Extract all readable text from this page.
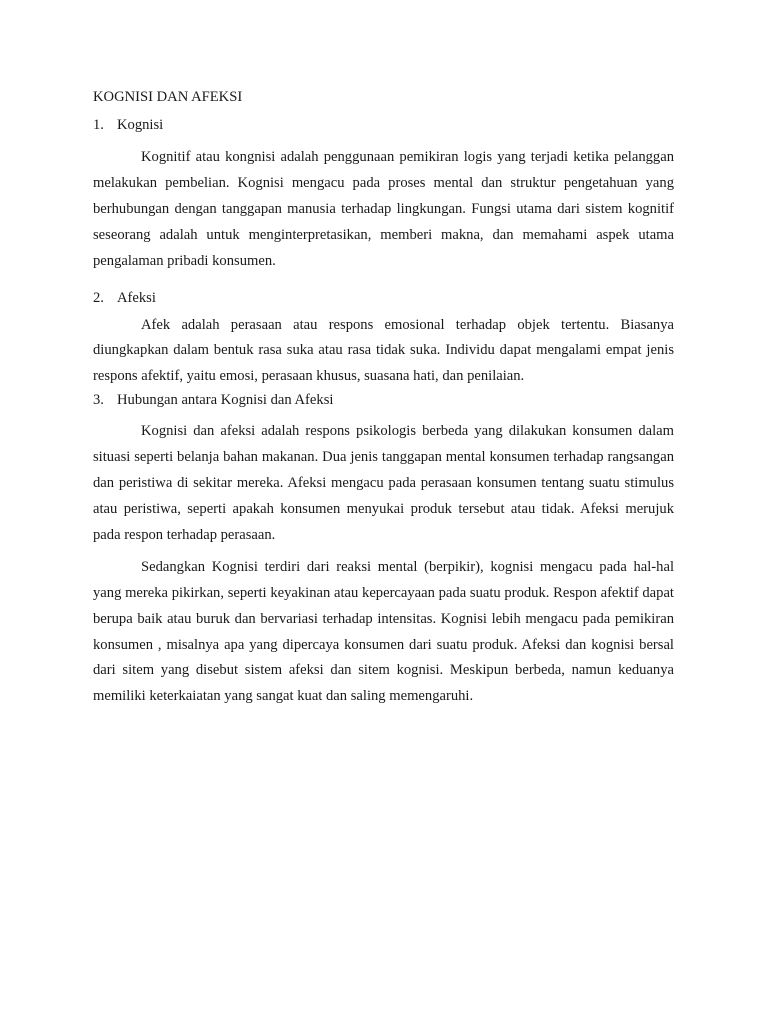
KOGNISI DAN AFEKSI
1. Kognisi

Kognitif atau kongnisi adalah penggunaan pemikiran logis yang terjadi ketika pelanggan melakukan pembelian. Kognisi mengacu pada proses mental dan struktur pengetahuan yang berhubungan dengan tanggapan manusia terhadap lingkungan. Fungsi utama dari sistem kognitif seseorang adalah untuk menginterpretasikan, memberi makna, dan memahami aspek utama pengalaman pribadi konsumen.

2. Afeksi

Afek adalah perasaan atau respons emosional terhadap objek tertentu. Biasanya diungkapkan dalam bentuk rasa suka atau rasa tidak suka. Individu dapat mengalami empat jenis respons afektif, yaitu emosi, perasaan khusus, suasana hati, dan penilaian.

3. Hubungan antara Kognisi dan Afeksi

Kognisi dan afeksi adalah respons psikologis berbeda yang dilakukan konsumen dalam situasi seperti belanja bahan makanan. Dua jenis tanggapan mental konsumen terhadap rangsangan dan peristiwa di sekitar mereka. Afeksi mengacu pada perasaan konsumen tentang suatu stimulus atau peristiwa, seperti apakah konsumen menyukai produk tersebut atau tidak. Afeksi merujuk pada respon terhadap perasaan.

Sedangkan Kognisi terdiri dari reaksi mental (berpikir), kognisi mengacu pada hal-hal yang mereka pikirkan, seperti keyakinan atau kepercayaan pada suatu produk. Respon afektif dapat berupa baik atau buruk dan bervariasi terhadap intensitas. Kognisi lebih mengacu pada pemikiran konsumen , misalnya apa yang dipercaya konsumen dari suatu produk. Afeksi dan kognisi bersal dari sitem yang disebut sistem afeksi dan sitem kognisi. Meskipun berbeda, namun keduanya memiliki keterkaiatan yang sangat kuat dan saling memengaruhi.
